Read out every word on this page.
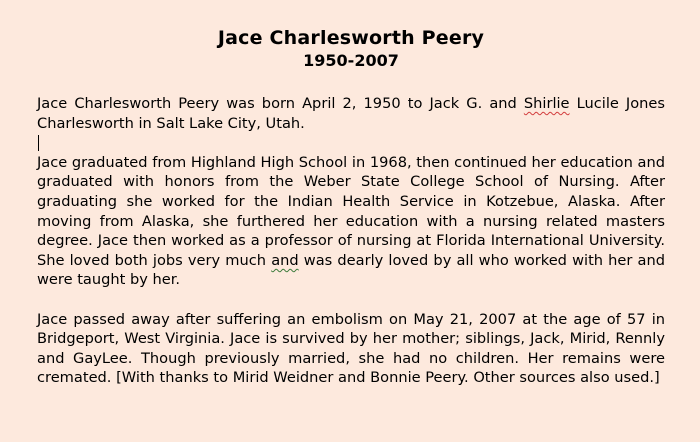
Jace Charlesworth Peery
1950-2007

Jace Charlesworth Peery was born April 2, 1950 to Jack G. and Shirlie Lucile Jones Charlesworth in Salt Lake City, Utah.

Jace graduated from Highland High School in 1968, then continued her education and graduated with honors from the Weber State College School of Nursing. After graduating she worked for the Indian Health Service in Kotzebue, Alaska. After moving from Alaska, she furthered her education with a nursing related masters degree. Jace then worked as a professor of nursing at Florida International University. She loved both jobs very much and was dearly loved by all who worked with her and were taught by her.

Jace passed away after suffering an embolism on May 21, 2007 at the age of 57 in Bridgeport, West Virginia. Jace is survived by her mother; siblings, Jack, Mirid, Rennly and GayLee. Though previously married, she had no children. Her remains were cremated. [With thanks to Mirid Weidner and Bonnie Peery. Other sources also used.]
